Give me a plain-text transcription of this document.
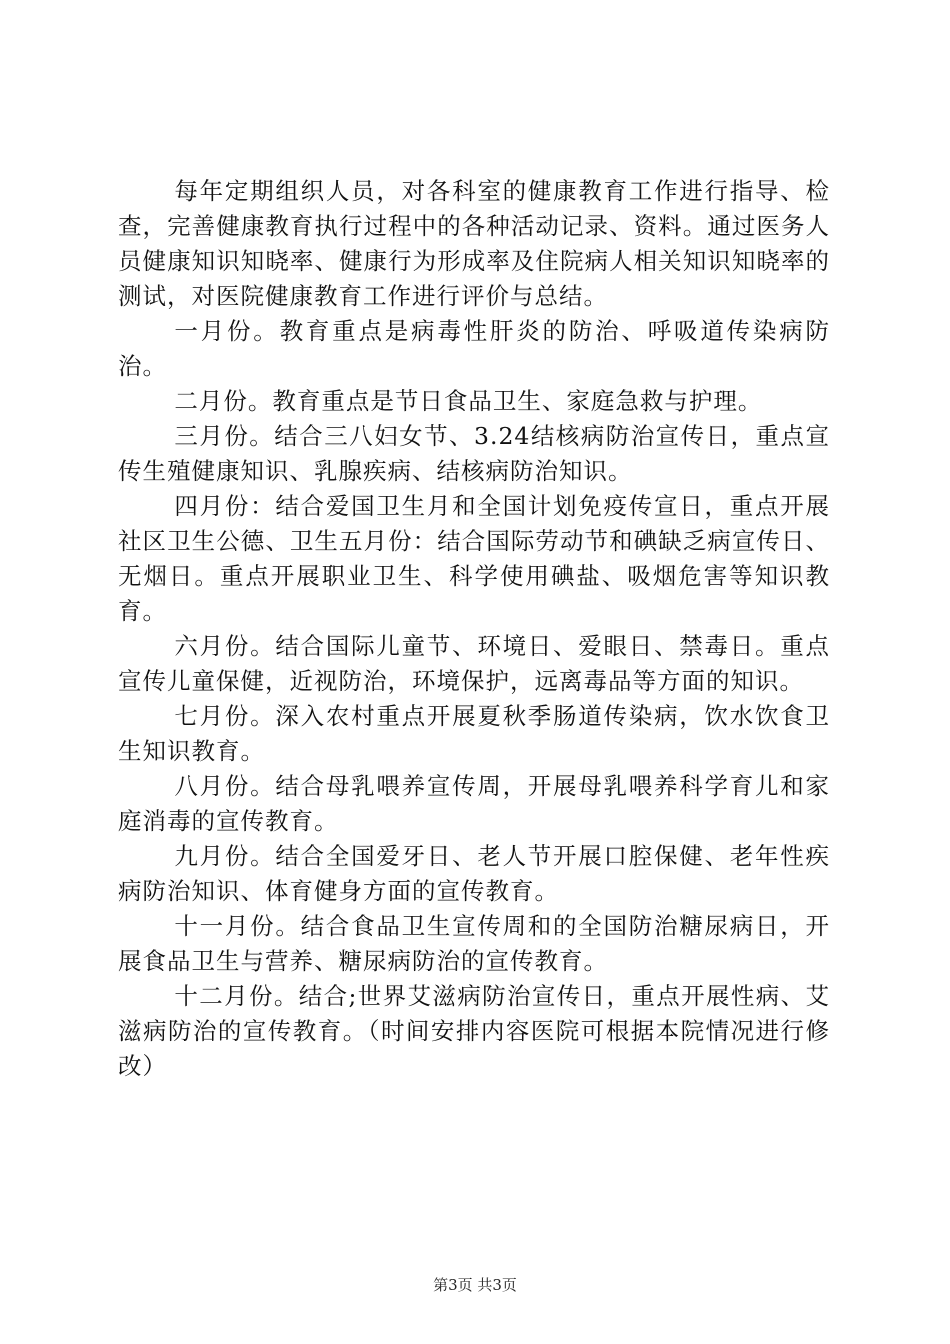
每年定期组织人员，对各科室的健康教育工作进行指导、检查，完善健康教育执行过程中的各种活动记录、资料。通过医务人员健康知识知晓率、健康行为形成率及住院病人相关知识知晓率的测试，对医院健康教育工作进行评价与总结。

一月份。教育重点是病毒性肝炎的防治、呼吸道传染病防治。

二月份。教育重点是节日食品卫生、家庭急救与护理。

三月份。结合三八妇女节、3.24结核病防治宣传日，重点宣传生殖健康知识、乳腺疾病、结核病防治知识。

四月份：结合爱国卫生月和全国计划免疫传宣日，重点开展社区卫生公德、卫生五月份：结合国际劳动节和碘缺乏病宣传日、无烟日。重点开展职业卫生、科学使用碘盐、吸烟危害等知识教育。

六月份。结合国际儿童节、环境日、爱眼日、禁毒日。重点宣传儿童保健，近视防治，环境保护，远离毒品等方面的知识。

七月份。深入农村重点开展夏秋季肠道传染病，饮水饮食卫生知识教育。

八月份。结合母乳喂养宣传周，开展母乳喂养科学育儿和家庭消毒的宣传教育。

九月份。结合全国爱牙日、老人节开展口腔保健、老年性疾病防治知识、体育健身方面的宣传教育。

十一月份。结合食品卫生宣传周和的全国防治糖尿病日，开展食品卫生与营养、糖尿病防治的宣传教育。

十二月份。结合;世界艾滋病防治宣传日，重点开展性病、艾滋病防治的宣传教育。（时间安排内容医院可根据本院情况进行修改）

第3页 共3页
